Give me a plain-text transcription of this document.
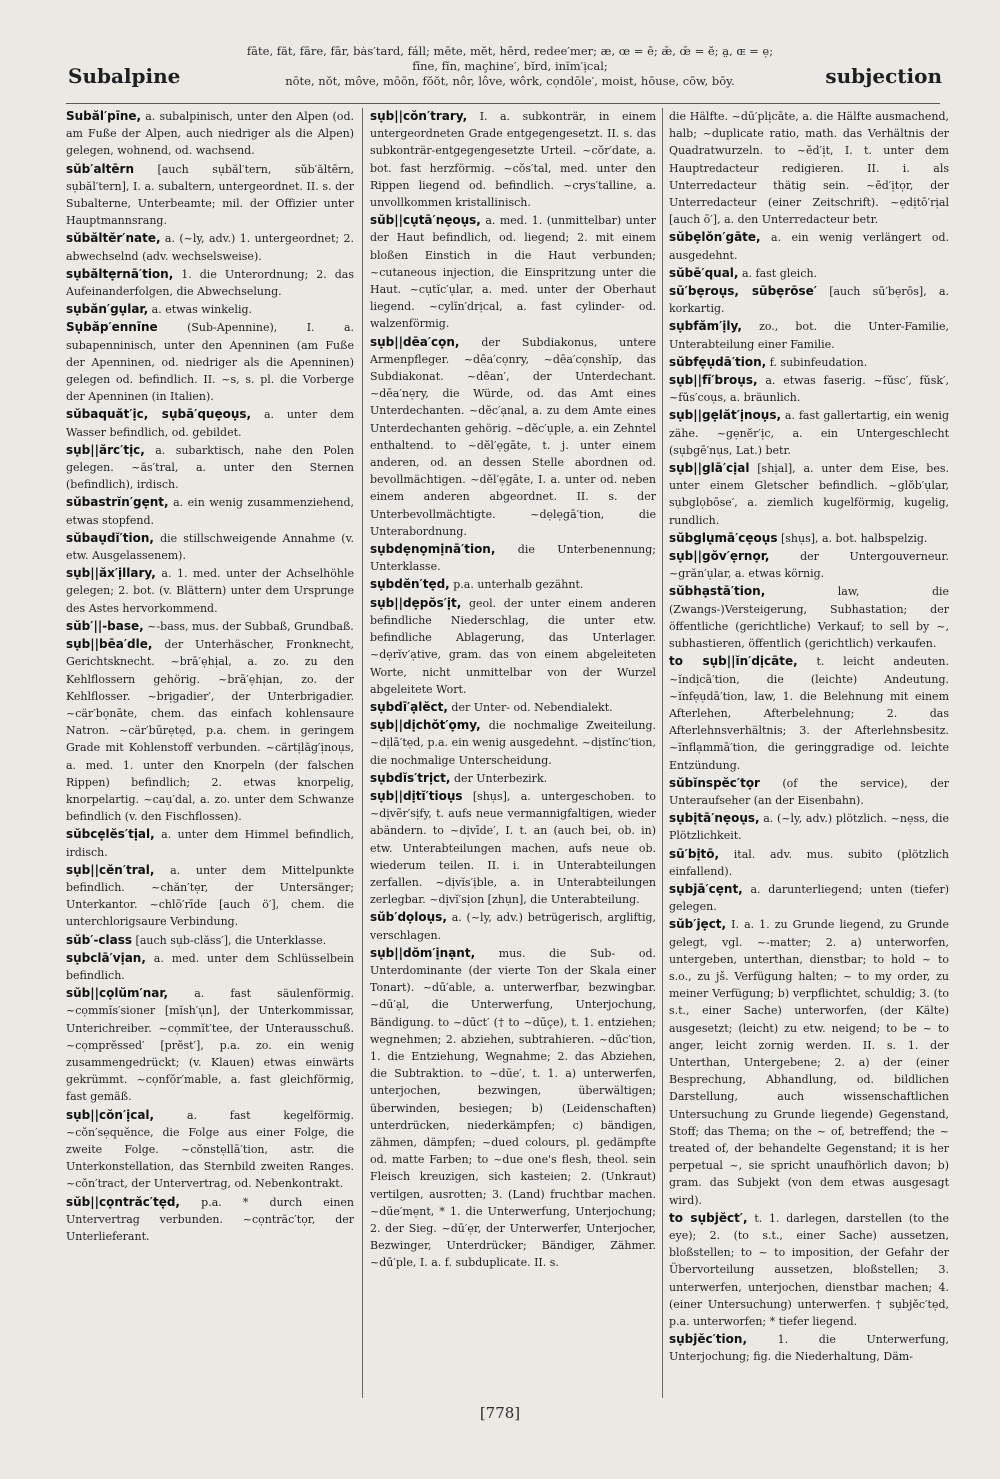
Subalpine
fāte, făt, fāre, fār, bȧs′tard, fáll; mēte, mĕt, hērd, redee′mer; æ, œ = ē; æ̆, œ̆ = ĕ; a̤, ɶ = ẹ;
fīne, fĭn, maçhine′, bĭrd, inĭm′ịcal;
nōte, nŏt, môve, mōōn, fŏŏt, nôr, lôve, wôrk, cọndōle′, moist, hōuse, cōw, bōy.	subjection
Subăl′pīne, a. subalpinisch, unter den Alpen (od. am Fuße der Alpen, auch niedriger als die Alpen) gelegen, wohnend, od. wachsend.
sŭb′altērn [auch sụbăl′tern, sŭb′ăltērn, sụbăl′tern], I. a. subaltern, untergeordnet. II. s. der Subalterne, Unterbeamte; mil. der Offizier unter Hauptmannsrang.
sŭbăltĕr′nate, a. (~ly, adv.) 1. untergeordnet; 2. abwechselnd (adv. wechselsweise).
sụbăltẹrnā′tion, 1. die Unterordnung; 2. das Aufeinanderfolgen, die Abwechselung.
sụbăn′gụlar, a. etwas winkelig.
Sụbăp′ennīne	(Sub-Apennine), I. a. subapenninisch, unter den Apenninen (am Fuße der Apenninen, od. niedriger als die Apenninen) gelegen od. befindlich. II. ~s, s. pl. die Vorberge der Apenninen (in Italien).
sŭbaquăt′ịc, sụbā′quẹoụs, a. unter dem Wasser befindlich, od. gebildet.
sụb||ărc′tịc, a. subarktisch, nahe den Polen gelegen. ~ăs′tral, a. unter den Sternen (befindlich), irdisch.
sŭbastrĭn′gẹnt, a. ein wenig zusammenziehend, etwas stopfend.
sŭbaụdĭ′tion, die stillschweigende Annahme (v. etw. Ausgelassenem).
sụb||ăx′ịllary, a. 1. med. unter der Achselhöhle gelegen; 2. bot. (v. Blättern) unter dem Ursprunge des Astes hervorkommend.
sŭb′||-base, ~-bass, mus. der Subbaß, Grundbaß.
sụb||bēa′dle, der Unterhäscher, Fronknecht, Gerichtsknecht. ~brā′ẹhịal, a. zo. zu den Kehlflossern gehörig. ~brā′ẹhịan, zo. der Kehlflosser. ~brịgadier′, der Unterbrigadier. ~cär′bọnāte, chem. das einfach kohlensaure Natron. ~cär′būrẹtẹd, p.a. chem. in geringem Grade mit Kohlenstoff verbunden. ~cärtịlăg′ịnoụs, a. med. 1. unter den Knorpeln (der falschen Rippen) befindlich; 2. etwas knorpelig, knorpelartig. ~caụ′dal, a. zo. unter dem Schwanze befindlich (v. den Fischflossen).
sŭbcẹlĕs′tịal, a. unter dem Himmel befindlich, irdisch.
sụb||cĕn′tral, a. unter dem Mittelpunkte befindlich. ~chăn′tẹr, der Untersänger; Unterkantor. ~chlō′rīde [auch ö′], chem. die unterchlorigsaure Verbindung.
sŭb′-class [auch sụb-clăss′], die Unterklasse.
sụbclā′vịan, a. med. unter dem Schlüsselbein befindlich.
sŭb||cọlŭm′nar, a. fast säulenförmig. ~cọmmĭs′sioner [mĭsh′ụn], der Unterkommissar, Unterichreiber. ~cọmmĭt′tee, der Unterausschuß. ~cọmprĕssed′ [prĕst′], p.a. zo. ein wenig zusammengedrückt; (v. Klauen) etwas einwärts gekrümmt. ~cọnfŏr′mable, a. fast gleichförmig, fast gemäß.
sụb||cŏn′ịcal,	a. fast kegelförmig. ~cŏn′sẹquĕnce, die Folge aus einer Folge, die zweite Folge. ~cŏnstẹllā′tion, astr. die Unterkonstellation, das Sternbild zweiten Ranges. ~cŏn′tract, der Untervertrag, od. Nebenkontrakt.
sŭb||cọntrăc′tẹd, p.a. * durch einen Untervertrag verbunden. ~cọntrăc′tọr, der Unterlieferant.
sụb||cŏn′trary, I. a. subkonträr, in einem untergeordneten Grade entgegengesetzt. II. s. das subkonträr-entgegengesetzte Urteil. ~cŏr′date, a. bot. fast herzförmig. ~cŏs′tal, med. unter den Rippen liegend od. befindlich. ~crys′talline, a. unvollkommen kristallinisch.
sŭb||cụtā′nẹoụs, a. med. 1. (unmittelbar) unter der Haut befindlich, od. liegend; 2. mit einem bloßen Einstich in die Haut verbunden; ~cutaneous injection, die Einspritzung unter die Haut. ~cụtĭc′ụlar, a. med. unter der Oberhaut liegend. ~cylĭn′drịcal, a. fast cylinder- od. walzenförmig.
sụb||dēa′cọn, der Subdiakonus, untere Armenpfleger. ~dēa′cọnry, ~dēa′cọnshĭp, das Subdiakonat. ~dēan′, der Unterdechant. ~dēa′nẹry, die Würde, od. das Amt eines Unterdechanten. ~dĕc′ạnal, a. zu dem Amte eines Unterdechanten gehörig. ~dĕc′ụple, a. ein Zehntel enthaltend. to ~dĕl′ẹgāte, t. j. unter einem anderen, od. an dessen Stelle abordnen od. bevollmächtigen. ~dĕl′ẹgāte, I. a. unter od. neben einem anderen abgeordnet. II. s. der Unterbevollmächtigte. ~dẹlẹgā′tion, die Unterabordnung.
sụbdẹnọmịnā′tion, die Unterbenennung; Unterklasse.
sụbdĕn′tẹd, p.a. unterhalb gezähnt.
sụb||dẹpŏs′ịt, geol. der unter einem anderen befindliche Niederschlag, die unter etw. befindliche Ablagerung, das Unterlager. ~dẹrĭv′ạtive, gram. das von einem abgeleiteten Worte, nicht unmittelbar von der Wurzel abgeleitete Wort.
sụbdī′ạlĕct, der Unter- od. Nebendialekt.
sụb||dịchŏt′ọmy, die nochmalige Zweiteilung. ~dịlā′tẹd, p.a. ein wenig ausgedehnt. ~dịstĭnc′tion, die nochmalige Unterscheidung.
sụbdĭs′trịct, der Unterbezirk.
sụb||dịtĭ′tioụs [shụs], a. untergeschoben. to ~dịvẽr′sịfy, t. aufs neue vermannigfaltigen, wieder abändern. to ~dịvīde′, I. t. an (auch bei, ob. in) etw. Unterabteilungen machen, aufs neue ob. wiederum teilen. II. i. in Unterabteilungen zerfallen. ~dịvĭs′ịble, a. in Unterabteilungen zerlegbar. ~dịvĭ′sịon [zhụn], die Unterabteilung.
sŭb′dọloụs, a. (~ly, adv.) betrügerisch, argliftig, verschlagen.
sụb||dŏm′ịnạnt, mus. die Sub- od. Unterdominante (der vierte Ton der Skala einer Tonart). ~dū′able, a. unterwerfbar, bezwingbar. ~dū′ạl, die Unterwerfung, Unterjochung, Bändigung. to ~dūct′ († to ~dūçe), t. 1. entziehen; wegnehmen; 2. abziehen, subtrahieren. ~dŭc′tion, 1. die Entziehung, Wegnahme; 2. das Abziehen, die Subtraktion. to ~dūe′, t. 1. a) unterwerfen, unterjochen, bezwingen, überwältigen; überwinden, besiegen; b) (Leidenschaften) unterdrücken, niederkämpfen; c) bändigen, zähmen, dämpfen; ~dued colours, pl. gedämpfte od. matte Farben; to ~due one's flesh, theol. sein Fleisch kreuzigen, sich kasteien; 2. (Unkraut) vertilgen, ausrotten; 3. (Land) fruchtbar machen. ~dūe′mẹnt, * 1. die Unterwerfung, Unterjochung; 2. der Sieg. ~dū′ẹr, der Unterwerfer, Unterjocher, Bezwinger, Unterdrücker; Bändiger, Zähmer. ~dū′ple, I. a. f. subduplicate. II. s.
die Hälfte. ~dū′plịcāte, a. die Hälfte ausmachend, halb; ~duplicate ratio, math. das Verhältnis der Quadratwurzeln. to ~ĕd′ịt, I. t. unter dem Hauptredacteur redigieren. II. i. als Unterredacteur thätig sein. ~ĕd′ịtọr, der Unterredacteur (einer Zeitschrift). ~ẹdịtō′rịal [auch ō′], a. den Unterredacteur betr.
sŭbẹlŏn′gāte, a. ein wenig verlängert od. ausgedehnt.
sŭbē′qual, a. fast gleich.
sū′bẹroụs, sūbẹrōse′ [auch sū′bẹrōs], a. korkartig.
sụbfăm′ịly, zo., bot. die Unter-Familie, Unterabteilung einer Familie.
sŭbfẹụdā′tion, f. subinfeudation.
sụb||fī′broụs, a. etwas faserig. ~fŭsc′, fŭsk′, ~fŭs′coụs, a. bräunlich.
sụb||gẹlăt′ịnoụs, a. fast gallertartig, ein wenig zähe. ~gẹnĕr′ịc, a. ein Untergeschlecht (sụbgē′nụs, Lat.) betr.
sụb||glā′cịal [shịal], a. unter dem Eise, bes. unter einem Gletscher befindlich. ~glŏb′ụlar, sụbglọbōse′, a. ziemlich kugelförmig, kugelig, rundlich.
sŭbglụmā′cẹoụs [shụs], a. bot. halbspelzig.
sụb||gŏv′ẹrnọr,	der Untergouverneur. ~grăn′ụlar, a. etwas körnig.
sŭbhạstā′tion,	law, die (Zwangs-)Versteigerung, Subhastation; der öffentliche (gerichtliche) Verkauf; to sell by ~, subhastieren, öffentlich (gerichtlich) verkaufen.
to sụb||ĭn′dịcāte, t. leicht andeuten. ~ĭndịcā′tion, die (leichte) Andeutung. ~ĭnfẹụdā′tion, law, 1. die Belehnung mit einem Afterlehen, Afterbelehnung; 2. das Afterlehnsverhältnis; 3. der Afterlehnsbesitz. ~ĭnflạmmā′tion, die geringgradige od. leichte Entzündung.
sŭbĭnspĕc′tọr (of the service), der Unteraufseher (an der Eisenbahn).
sụbịtā′nẹoụs, a. (~ly, adv.) plötzlich. ~nẹss, die Plötzlichkeit.
sū′bịtō, ital. adv. mus. subito (plötzlich einfallend).
sụbjā′cẹnt, a. darunterliegend; unten (tiefer) gelegen.
sŭb′jẹct, I. a. 1. zu Grunde liegend, zu Grunde gelegt, vgl. ~-matter; 2. a) unterworfen, untergeben, unterthan, dienstbar; to hold ~ to s.o., zu jš. Verfügung halten; ~ to my order, zu meiner Verfügung; b) verpflichtet, schuldig; 3. (to s.t., einer Sache) unterworfen, (der Kälte) ausgesetzt; (leicht) zu etw. neigend; to be ~ to anger, leicht zornig werden. II. s. 1. der Unterthan, Untergebene; 2. a) der (einer Besprechung, Abhandlung, od. bildlichen Darstellung, auch wissenschaftlichen Untersuchung zu Grunde liegende) Gegenstand, Stoff; das Thema; on the ~ of, betreffend; the ~ treated of, der behandelte Gegenstand; it is her perpetual ~, sie spricht unaufhörlich davon; b) gram. das Subjekt (von dem etwas ausgesagt wird).
to sụbjĕct′, t. 1. darlegen, darstellen (to the eye); 2. (to s.t., einer Sache) aussetzen, bloßstellen; to ~ to imposition, der Gefahr der Übervorteilung aussetzen, bloßstellen; 3. unterwerfen, unterjochen, dienstbar machen; 4. (einer Untersuchung) unterwerfen. † sụbjĕc′tẹd, p.a. unterworfen; * tiefer liegend.
sụbjĕc′tion,	1. die Unterwerfung, Unterjochung; fig. die Niederhaltung, Däm-
[778]
